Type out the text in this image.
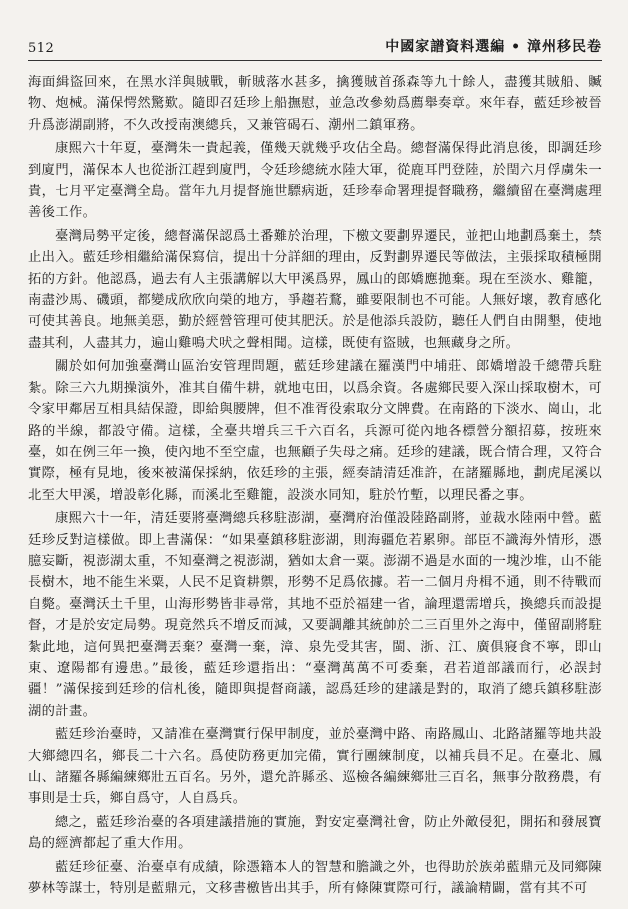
512	中國家譜資料選編 • 漳州移民卷

海面緝盜回來，在黑水洋與賊戰，斬賊落水甚多，擒獲賊首孫森等九十餘人，盡獲其賊船、贓物、炮械。滿保愕然驚歎。隨即召廷珍上船撫慰，並急改參劾爲薦舉奏章。來年春，藍廷珍被晉升爲澎湖副將，不久改授南澳總兵，又兼管碣石、潮州二鎮軍務。

康熙六十年夏，臺灣朱一貴起義，僅幾天就幾乎攻佔全島。總督滿保得此消息後，即調廷珍到廈門，滿保本人也從浙江趕到廈門，令廷珍總統水陸大軍，從鹿耳門登陸，於閏六月俘虜朱一貴，七月平定臺灣全島。當年九月提督施世驃病逝，廷珍奉命署理提督職務，繼續留在臺灣處理善後工作。

臺灣局勢平定後，總督滿保認爲土番難於治理，下檄文要劃界遷民，並把山地劃爲棄土，禁止出入。藍廷珍相繼給滿保寫信，提出十分詳細的理由，反對劃界遷民等做法，主張採取積極開拓的方針。他認爲，過去有人主張講解以大甲溪爲界，鳳山的郎嬌應拋棄。現在至淡水、雞籠，南盡沙馬、磯頭，都變成欣欣向榮的地方，爭趨若鶩，雖要限制也不可能。人無好壞，教育感化可使其善良。地無美惡，勤於經營管理可使其肥沃。於是他添兵設防，聽任人們自由開墾，使地盡其利，人盡其力，遍山雞鳴犬吠之聲相聞。這樣，既使有盜賊，也無藏身之所。

關於如何加強臺灣山區治安管理問題，藍廷珍建議在羅漢門中埔莊、郎嬌增設千總帶兵駐紮。除三六九期操演外，准其自備牛耕，就地屯田，以爲余資。各處鄉民要入深山採取樹木，可令家甲鄰居互相具結保證，即給與腰牌，但不准胥役索取分文牌費。在南路的下淡水、崗山，北路的半線，都設守備。這樣，全臺共增兵三千六百名，兵源可從內地各標營分額招募，按班來臺，如在例三年一換，使內地不至空虛，也無顧子失母之痛。廷珍的建議，既合情合理，又符合實際，極有見地，後來被滿保採納，依廷珍的主張，經奏請清廷准許，在諸羅縣地，劃虎尾溪以北至大甲溪，增設彰化縣，而溪北至雞籠，設淡水同知，駐於竹塹，以理民番之事。

康熙六十一年，清廷要將臺灣總兵移駐澎湖，臺灣府治僅設陸路副將，並裁水陸兩中營。藍廷珍反對這樣做。即上書滿保：“如果臺鎮移駐澎湖，則海疆危若累卵。部臣不識海外情形，憑臆妄斷，視澎湖太重，不知臺灣之視澎湖，猶如太倉一粟。澎湖不過是水面的一塊沙堆，山不能長樹木，地不能生米粟，人民不足資耕禦，形勢不足爲依據。若一二個月舟楫不通，則不待戰而自斃。臺灣沃土千里，山海形勢皆非尋常，其地不亞於福建一省，論理還需增兵，換總兵而設提督，才是於安定局勢。現竟然兵不增反而減，又要調離其統帥於二三百里外之海中，僅留副將駐紮此地，這何異把臺灣丟棄？臺灣一棄，漳、泉先受其害，閩、浙、江、廣俱寢食不寧，即山東、遼陽都有邊患。”最後，藍廷珍還指出：“臺灣萬萬不可委棄，君若道部議而行，必誤封疆！”滿保接到廷珍的信札後，隨即與提督商議，認爲廷珍的建議是對的，取消了總兵鎮移駐澎湖的計畫。

藍廷珍治臺時，又請准在臺灣實行保甲制度，並於臺灣中路、南路鳳山、北路諸羅等地共設大鄉總四名，鄉長二十六名。爲使防務更加完備，實行團練制度，以補兵員不足。在臺北、鳳山、諸羅各縣編練鄉壯五百名。另外，還允許縣丞、巡檢各編練鄉壯三百名，無事分散務農，有事則是士兵，鄉自爲守，人自爲兵。

總之，藍廷珍治臺的各項建議措施的實施，對安定臺灣社會，防止外敵侵犯，開拓和發展寶島的經濟都起了重大作用。

藍廷珍征臺、治臺卓有成績，除憑籍本人的智慧和膽識之外，也得助於族弟藍鼎元及同鄉陳夢林等謀士，特別是藍鼎元，文移書檄皆出其手，所有條陳實際可行，議論精闢，當有其不可
